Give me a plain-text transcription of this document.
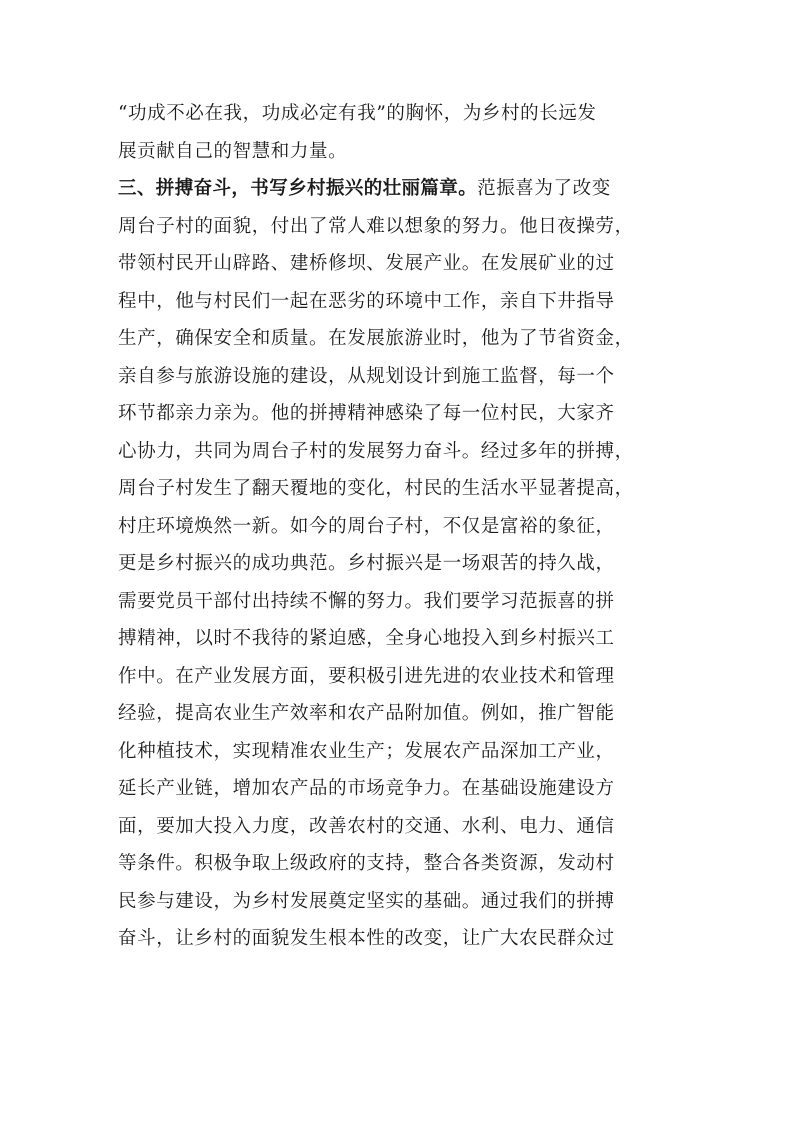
“功成不必在我，功成必定有我”的胸怀，为乡村的长远发
展贡献自己的智慧和力量。
三、拼搏奋斗，书写乡村振兴的壮丽篇章。范振喜为了改变
周台子村的面貌，付出了常人难以想象的努力。他日夜操劳，
带领村民开山辟路、建桥修坝、发展产业。在发展矿业的过
程中，他与村民们一起在恶劣的环境中工作，亲自下井指导
生产，确保安全和质量。在发展旅游业时，他为了节省资金，
亲自参与旅游设施的建设，从规划设计到施工监督，每一个
环节都亲力亲为。他的拼搏精神感染了每一位村民，大家齐
心协力，共同为周台子村的发展努力奋斗。经过多年的拼搏，
周台子村发生了翻天覆地的变化，村民的生活水平显著提高，
村庄环境焕然一新。如今的周台子村，不仅是富裕的象征，
更是乡村振兴的成功典范。乡村振兴是一场艰苦的持久战，
需要党员干部付出持续不懈的努力。我们要学习范振喜的拼
搏精神，以时不我待的紧迫感，全身心地投入到乡村振兴工
作中。在产业发展方面，要积极引进先进的农业技术和管理
经验，提高农业生产效率和农产品附加值。例如，推广智能
化种植技术，实现精准农业生产；发展农产品深加工产业，
延长产业链，增加农产品的市场竞争力。在基础设施建设方
面，要加大投入力度，改善农村的交通、水利、电力、通信
等条件。积极争取上级政府的支持，整合各类资源，发动村
民参与建设，为乡村发展奠定坚实的基础。通过我们的拼搏
奋斗，让乡村的面貌发生根本性的改变，让广大农民群众过
